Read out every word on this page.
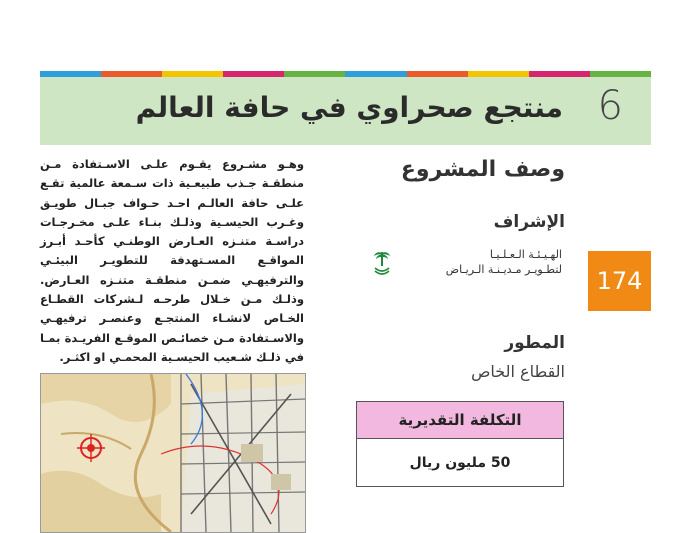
منتجع صحراوي في حافة العالم 6
وصف المشروع
الإشراف
الهـيـئـة الـعـلـيـا
لتطـويـر مـديـنـة الـريـاض	174
المطور
القطاع الخاص
التكلفة التقديرية
50 مليون ريال
وهـو مشـروع يقـوم علـى الاسـتفادة مـن منطقـة جـذب طبيعـية ذات سـمعة عالمية تقـع علـى حافة العالـم احـد حـواف جبـال طويـق وغـرب الحيسـية وذلـك بنـاء علـى مخـرجـات دراسـة متنـزه العـارض الوطنـي كأحـد أبـرز المواقـع المسـتهدفة للتطويـر البيئـي والترفيهـي ضمـن منطقـة متنـزه العـارض. وذلـك مـن خـلال طرحـه لـشركات القطـاع الخـاص لانشـاء المنتجـع وعنصـر ترفيهـي والاسـتفادة مـن خصائـص الموقـع الفريـدة بمـا في ذلـك شـعيب الحيسـية المحمـي او اكثـر.
